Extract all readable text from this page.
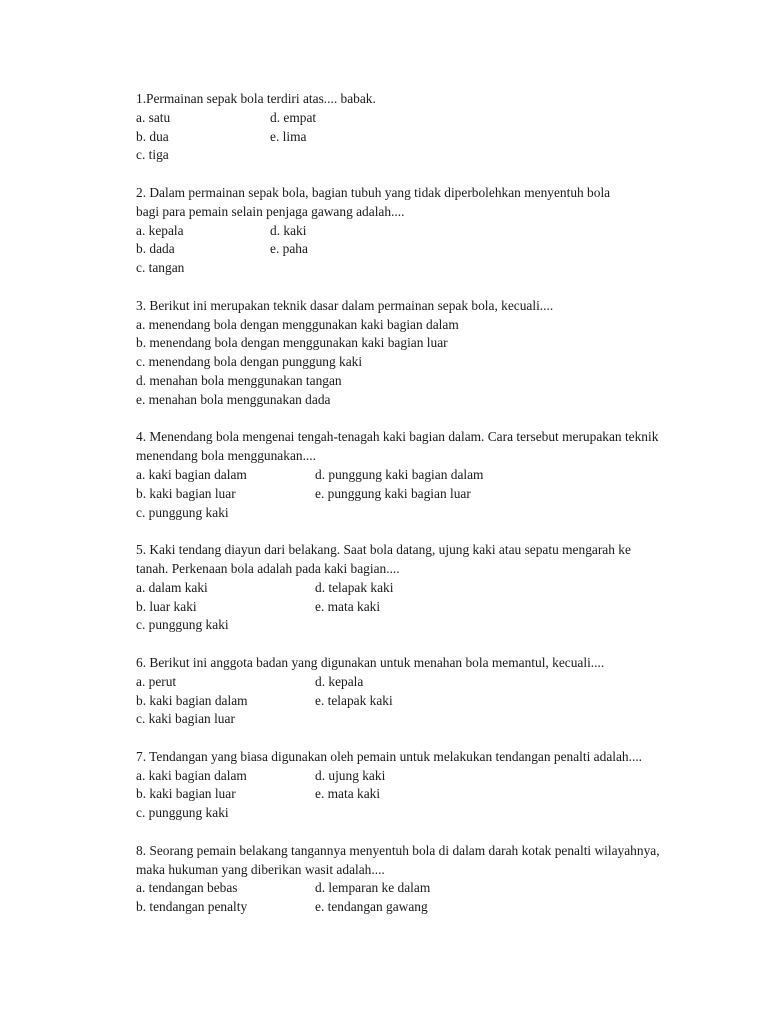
1.Permainan sepak bola terdiri atas.... babak.
a. satu	d. empat
b. dua	e. lima
c. tiga
2. Dalam permainan sepak bola, bagian tubuh yang tidak diperbolehkan menyentuh bola
bagi para pemain selain penjaga gawang adalah....
a. kepala	d. kaki
b. dada	e. paha
c. tangan
3. Berikut ini merupakan teknik dasar dalam permainan sepak bola, kecuali....
a. menendang bola dengan menggunakan kaki bagian dalam
b. menendang bola dengan menggunakan kaki bagian luar
c. menendang bola dengan punggung kaki
d. menahan bola menggunakan tangan
e. menahan bola menggunakan dada
4. Menendang bola mengenai tengah-tenagah kaki bagian dalam. Cara tersebut merupakan teknik
menendang bola menggunakan....
a. kaki bagian dalam	d. punggung kaki bagian dalam
b. kaki bagian luar	e. punggung kaki bagian luar
c. punggung kaki
5. Kaki tendang diayun dari belakang. Saat bola datang, ujung kaki atau sepatu mengarah ke
tanah. Perkenaan bola adalah pada kaki bagian....
a. dalam kaki	d. telapak kaki
b. luar kaki	e. mata kaki
c. punggung kaki
6. Berikut ini anggota badan yang digunakan untuk menahan bola memantul, kecuali....
a. perut	d. kepala
b. kaki bagian dalam	e. telapak kaki
c. kaki bagian luar
7. Tendangan yang biasa digunakan oleh pemain untuk melakukan tendangan penalti adalah....
a. kaki bagian dalam	d. ujung kaki
b. kaki bagian luar	e. mata kaki
c. punggung kaki
8. Seorang pemain belakang tangannya menyentuh bola di dalam darah kotak penalti wilayahnya,
maka hukuman yang diberikan wasit adalah....
a. tendangan bebas	d. lemparan ke dalam
b. tendangan penalty	e. tendangan gawang
